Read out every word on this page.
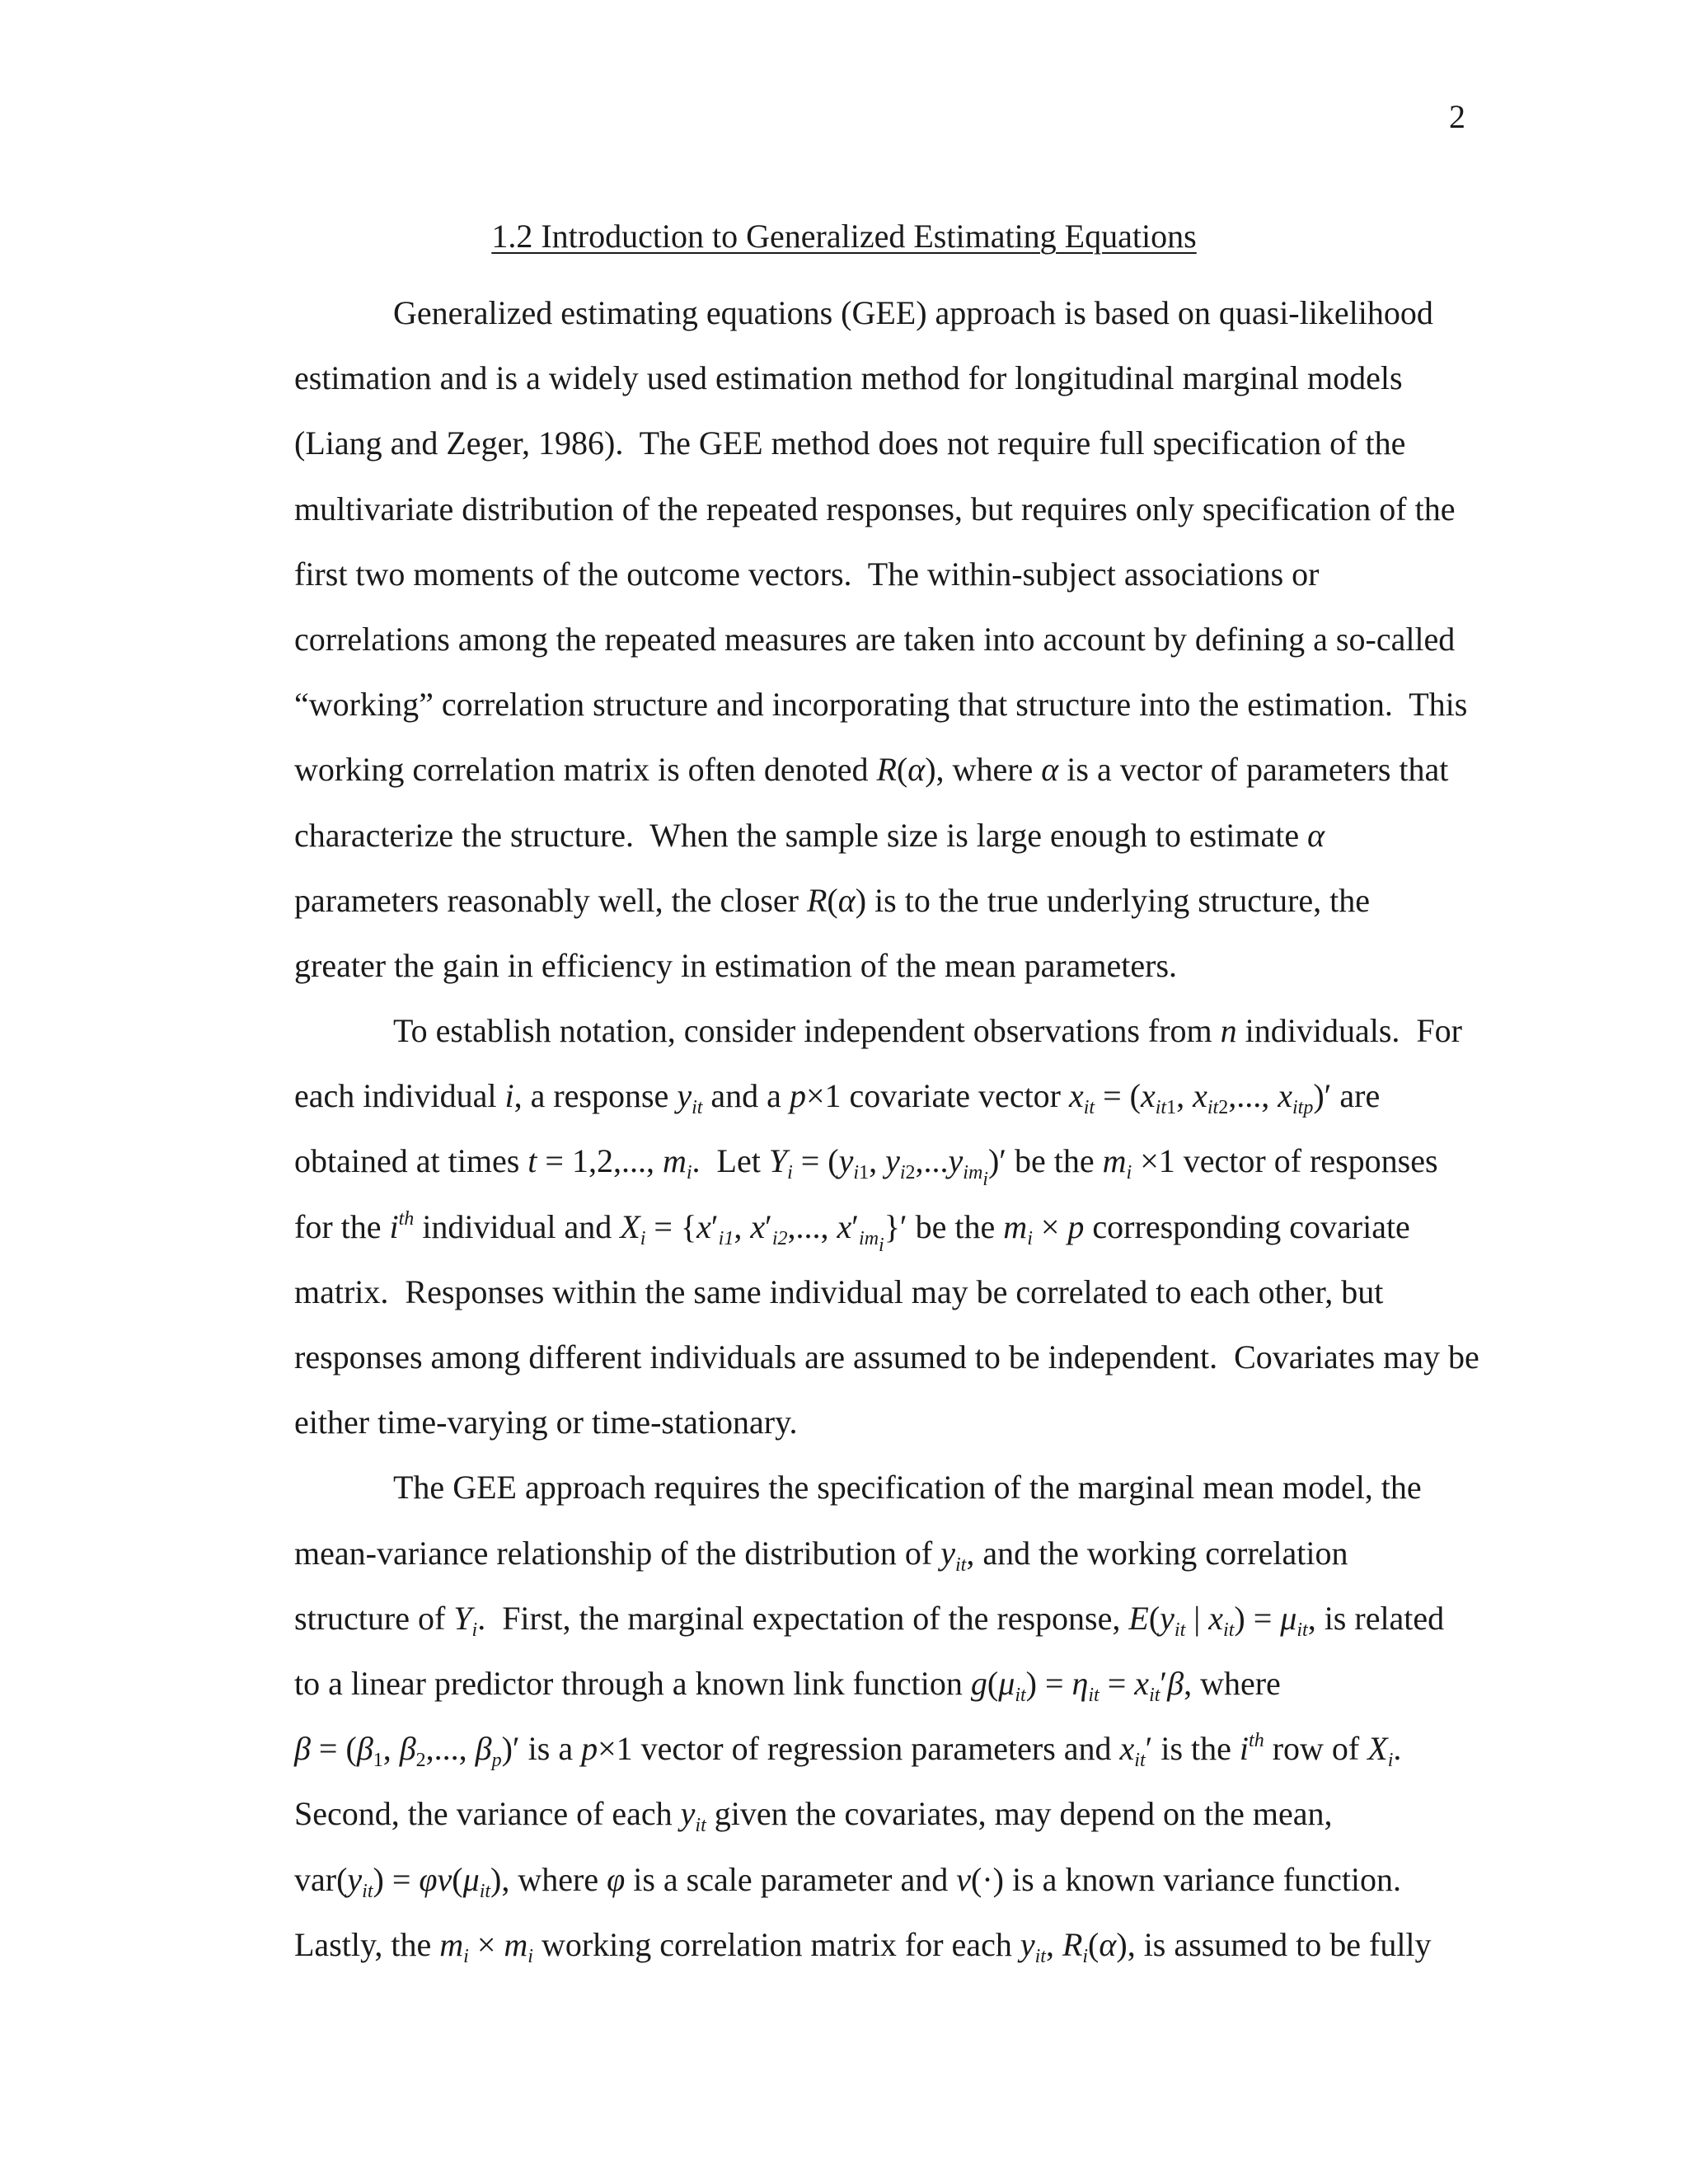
2
1.2 Introduction to Generalized Estimating Equations
Generalized estimating equations (GEE) approach is based on quasi-likelihood
estimation and is a widely used estimation method for longitudinal marginal models
(Liang and Zeger, 1986).  The GEE method does not require full specification of the
multivariate distribution of the repeated responses, but requires only specification of the
first two moments of the outcome vectors.  The within-subject associations or
correlations among the repeated measures are taken into account by defining a so-called
“working” correlation structure and incorporating that structure into the estimation.  This
working correlation matrix is often denoted R(α), where α is a vector of parameters that
characterize the structure.  When the sample size is large enough to estimate α
parameters reasonably well, the closer R(α) is to the true underlying structure, the
greater the gain in efficiency in estimation of the mean parameters.
To establish notation, consider independent observations from n individuals.  For
each individual i, a response $y_{it}$ and a p×1 covariate vector $x_{it} = (x_{it1}$, $x_{it2}$,..., $x_{itp})'$ are
obtained at times t = 1,2,..., $m_i$.  Let $Y_i = (y_{i1}$, $y_{i2},...y_{im_i})'$ be the $m_i \times 1$ vector of responses
for the $i^{th}$ individual and $X_i = \{x'_{i1}$, $x'_{i2}$,..., $x'_{im_i}\}'$ be the $m_i \times p$ corresponding covariate
matrix.  Responses within the same individual may be correlated to each other, but
responses among different individuals are assumed to be independent.  Covariates may be
either time-varying or time-stationary.
The GEE approach requires the specification of the marginal mean model, the
mean-variance relationship of the distribution of $y_{it}$, and the working correlation
structure of $Y_i$.  First, the marginal expectation of the response, $E(y_{it}$ | $x_{it}) = \mu_{it}$, is related
to a linear predictor through a known link function $g(\mu_{it}) = \eta_{it} = x_{it}'\beta$, where
$\beta = (\beta_1$, $\beta_2$,..., $\beta_p)'$ is a p×1 vector of regression parameters and $x_{it}'$ is the $i^{th}$ row of $X_i$.
Second, the variance of each $y_{it}$ given the covariates, may depend on the mean,
$var(y_{it}) = \varphi v(\mu_{it})$, where φ is a scale parameter and v(·) is a known variance function.
Lastly, the $m_i \times m_i$ working correlation matrix for each $y_{it}$, $R_i(\alpha)$, is assumed to be fully
